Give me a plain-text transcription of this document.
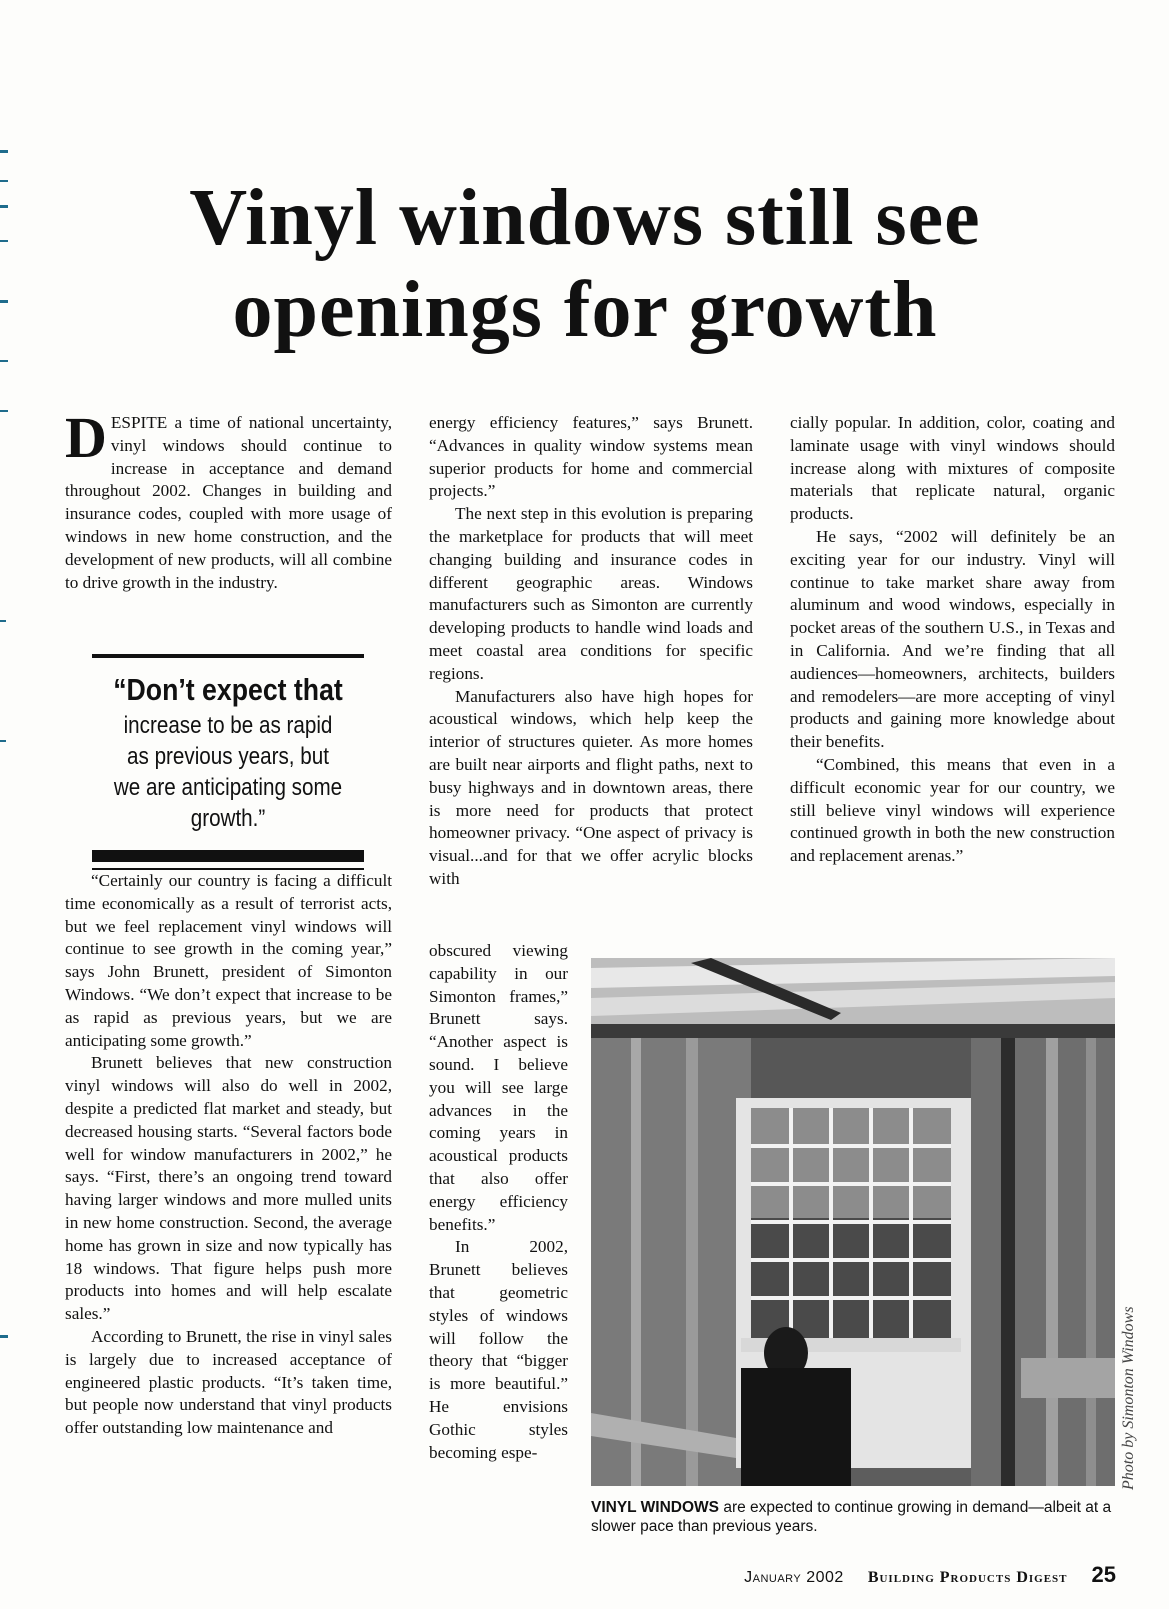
Vinyl windows still see
openings for growth

DESPITE a time of national uncertainty, vinyl windows should continue to increase in acceptance and demand throughout 2002. Changes in building and insurance codes, coupled with more usage of windows in new home construction, and the development of new products, will all combine to drive growth in the industry.

“Don’t expect that
increase to be as rapid as previous years, but we are anticipating some growth.”

“Certainly our country is facing a difficult time economically as a result of terrorist acts, but we feel replacement vinyl windows will continue to see growth in the coming year,” says John Brunett, president of Simonton Windows. “We don’t expect that increase to be as rapid as previous years, but we are anticipating some growth.”

Brunett believes that new construction vinyl windows will also do well in 2002, despite a predicted flat market and steady, but decreased housing starts. “Several factors bode well for window manufacturers in 2002,” he says. “First, there’s an ongoing trend toward having larger windows and more mulled units in new home construction. Second, the average home has grown in size and now typically has 18 windows. That figure helps push more products into homes and will help escalate sales.”

According to Brunett, the rise in vinyl sales is largely due to increased acceptance of engineered plastic products. “It’s taken time, but people now understand that vinyl products offer outstanding low maintenance and

energy efficiency features,” says Brunett. “Advances in quality window systems mean superior products for home and commercial projects.”

The next step in this evolution is preparing the marketplace for products that will meet changing building and insurance codes in different geographic areas. Windows manufacturers such as Simonton are currently developing products to handle wind loads and meet coastal area conditions for specific regions.

Manufacturers also have high hopes for acoustical windows, which help keep the interior of structures quieter. As more homes are built near airports and flight paths, next to busy highways and in downtown areas, there is more need for products that protect homeowner privacy. “One aspect of privacy is visual...and for that we offer acrylic blocks with

obscured viewing capability in our Simonton frames,” Brunett says. “Another aspect is sound. I believe you will see large advances in the coming years in acoustical products that also offer energy efficiency benefits.”

In 2002, Brunett believes that geometric styles of windows will follow the theory that “bigger is more beautiful.” He envisions Gothic styles becoming espe-

cially popular. In addition, color, coating and laminate usage with vinyl windows should increase along with mixtures of composite materials that replicate natural, organic products.

He says, “2002 will definitely be an exciting year for our industry. Vinyl will continue to take market share away from aluminum and wood windows, especially in pocket areas of the southern U.S., in Texas and in California. And we’re finding that all audiences—homeowners, architects, builders and remodelers—are more accepting of vinyl products and gaining more knowledge about their benefits.

“Combined, this means that even in a difficult economic year for our country, we still believe vinyl windows will experience continued growth in both the new construction and replacement arenas.”

Photo by Simonton Windows
VINYL WINDOWS are expected to continue growing in demand—albeit at a slower pace than previous years.
January 2002 Building Products Digest 25
